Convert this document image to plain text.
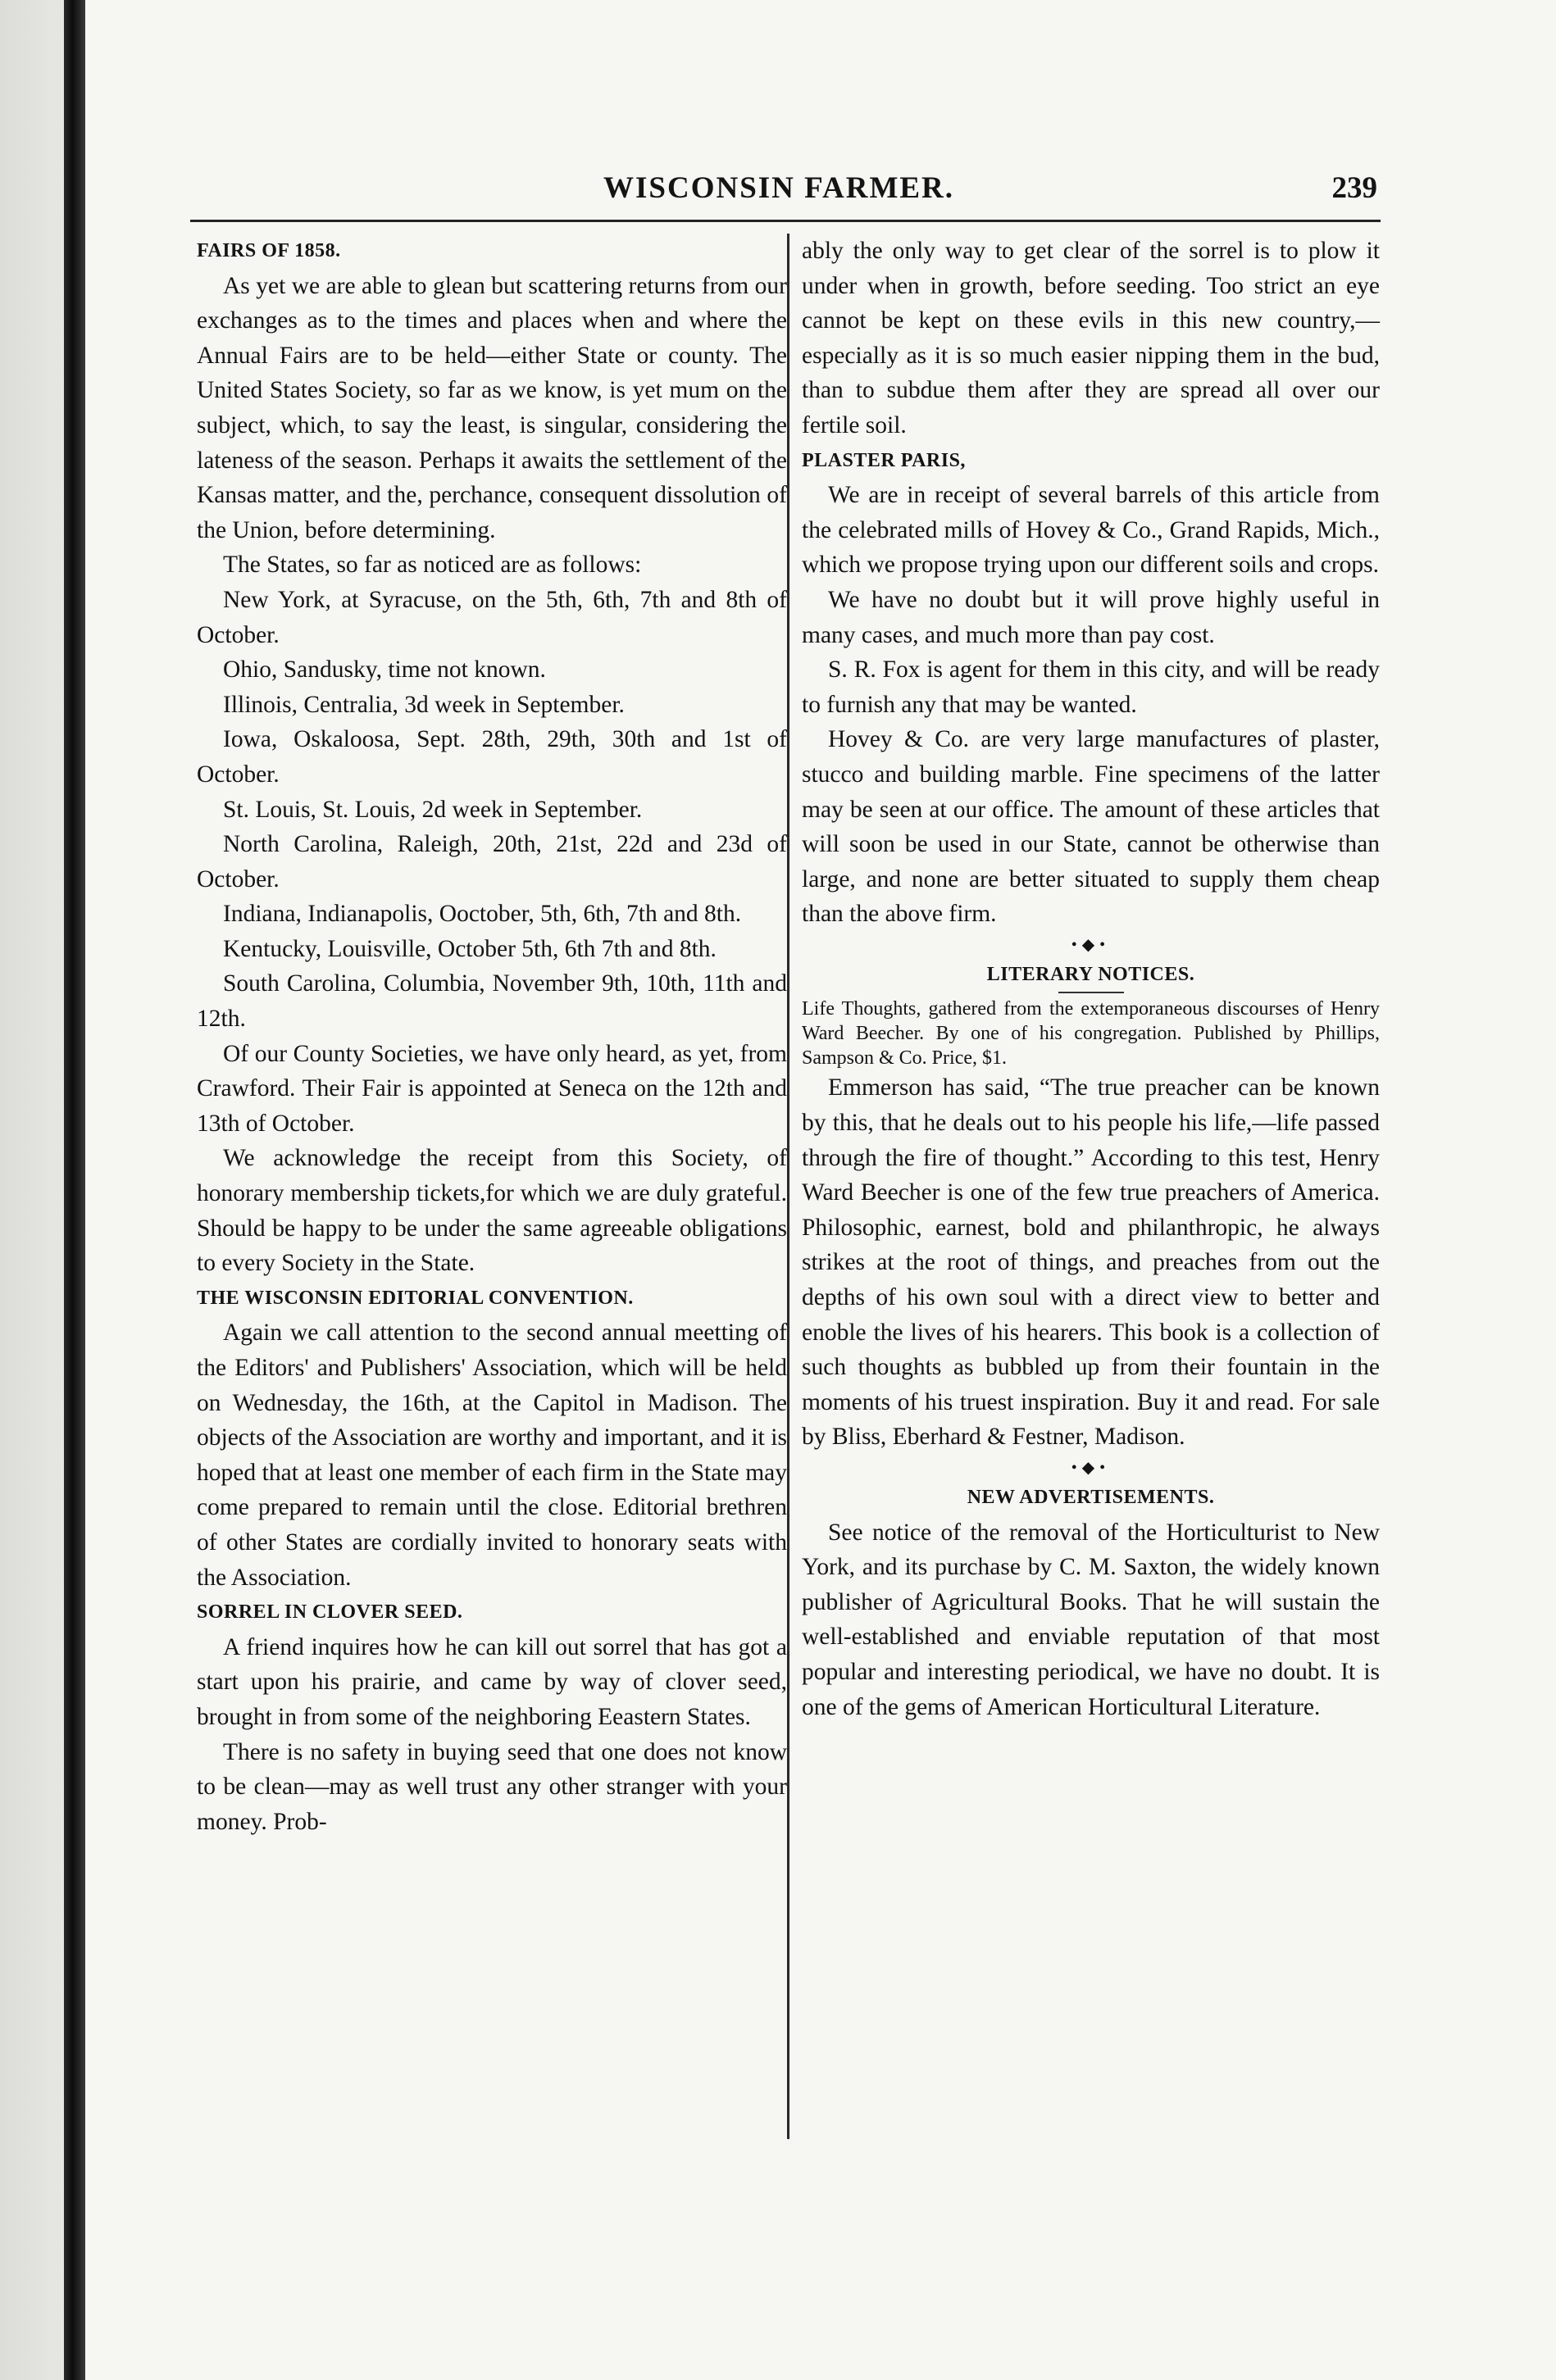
WISCONSIN FARMER.	239
FAIRS OF 1858.

As yet we are able to glean but scattering returns from our exchanges as to the times and places when and where the Annual Fairs are to be held—either State or county. The United States Society, so far as we know, is yet mum on the subject, which, to say the least, is singular, considering the lateness of the season. Perhaps it awaits the settlement of the Kansas matter, and the, perchance, consequent dissolution of the Union, before determining.

The States, so far as noticed are as follows:

New York, at Syracuse, on the 5th, 6th, 7th and 8th of October.

Ohio, Sandusky, time not known.

Illinois, Centralia, 3d week in September.

Iowa, Oskaloosa, Sept. 28th, 29th, 30th and 1st of October.

St. Louis, St. Louis, 2d week in September.

North Carolina, Raleigh, 20th, 21st, 22d and 23d of October.

Indiana, Indianapolis, Ooctober, 5th, 6th, 7th and 8th.

Kentucky, Louisville, October 5th, 6th 7th and 8th.

South Carolina, Columbia, November 9th, 10th, 11th and 12th.

Of our County Societies, we have only heard, as yet, from Crawford. Their Fair is appointed at Seneca on the 12th and 13th of October.

We acknowledge the receipt from this Society, of honorary membership tickets,for which we are duly grateful. Should be happy to be under the same agreeable obligations to every Society in the State.

THE WISCONSIN EDITORIAL CONVENTION.

Again we call attention to the second annual meetting of the Editors' and Publishers' Association, which will be held on Wednesday, the 16th, at the Capitol in Madison. The objects of the Association are worthy and important, and it is hoped that at least one member of each firm in the State may come prepared to remain until the close. Editorial brethren of other States are cordially invited to honorary seats with the Association.

SORREL IN CLOVER SEED.

A friend inquires how he can kill out sorrel that has got a start upon his prairie, and came by way of clover seed, brought in from some of the neighboring Eeastern States.

There is no safety in buying seed that one does not know to be clean—may as well trust any other stranger with your money. Prob-

ably the only way to get clear of the sorrel is to plow it under when in growth, before seeding. Too strict an eye cannot be kept on these evils in this new country,—especially as it is so much easier nipping them in the bud, than to subdue them after they are spread all over our fertile soil.

PLASTER PARIS,

We are in receipt of several barrels of this article from the celebrated mills of Hovey & Co., Grand Rapids, Mich., which we propose trying upon our different soils and crops.

We have no doubt but it will prove highly useful in many cases, and much more than pay cost.

S. R. Fox is agent for them in this city, and will be ready to furnish any that may be wanted.

Hovey & Co. are very large manufactures of plaster, stucco and building marble. Fine specimens of the latter may be seen at our office. The amount of these articles that will soon be used in our State, cannot be otherwise than large, and none are better situated to supply them cheap than the above firm.

•◆•
LITERARY NOTICES.

Life Thoughts, gathered from the extemporaneous discourses of Henry Ward Beecher. By one of his congregation. Published by Phillips, Sampson & Co. Price, $1.

Emmerson has said, “The true preacher can be known by this, that he deals out to his people his life,—life passed through the fire of thought.” According to this test, Henry Ward Beecher is one of the few true preachers of America. Philosophic, earnest, bold and philanthropic, he always strikes at the root of things, and preaches from out the depths of his own soul with a direct view to better and enoble the lives of his hearers. This book is a collection of such thoughts as bubbled up from their fountain in the moments of his truest inspiration. Buy it and read. For sale by Bliss, Eberhard & Festner, Madison.

•◆•
NEW ADVERTISEMENTS.

See notice of the removal of the Horticulturist to New York, and its purchase by C. M. Saxton, the widely known publisher of Agricultural Books. That he will sustain the well-established and enviable reputation of that most popular and interesting periodical, we have no doubt. It is one of the gems of American Horticultural Literature.
